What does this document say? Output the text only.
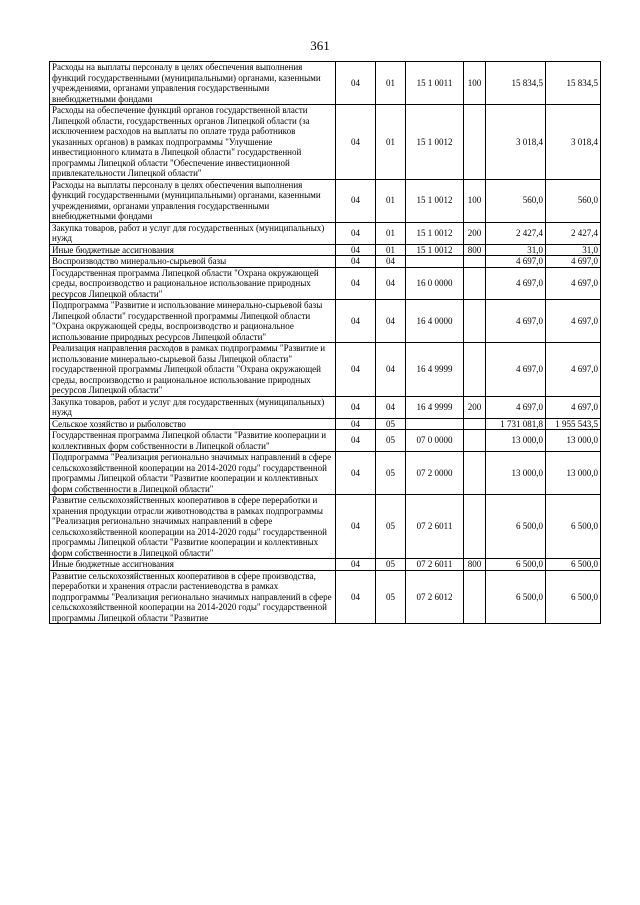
361
Расходы на выплаты персоналу в целях обеспечения выполнения функций государственными (муниципальными) органами, казенными учреждениями, органами управления государственными внебюджетными фондами	04	01	15 1 0011	100	15 834,5	15 834,5
Расходы на обеспечение функций органов государственной власти Липецкой области, государственных органов Липецкой области (за исключением расходов на выплаты по оплате труда работников указанных органов) в рамках подпрограммы "Улучшение инвестиционного климата в Липецкой области" государственной программы Липецкой области "Обеспечение инвестиционной привлекательности Липецкой области"	04	01	15 1 0012		3 018,4	3 018,4
Расходы на выплаты персоналу в целях обеспечения выполнения функций государственными (муниципальными) органами, казенными учреждениями, органами управления государственными внебюджетными фондами	04	01	15 1 0012	100	560,0	560,0
Закупка товаров, работ и услуг для государственных (муниципальных) нужд	04	01	15 1 0012	200	2 427,4	2 427,4
Иные бюджетные ассигнования	04	01	15 1 0012	800	31,0	31,0
Воспроизводство минерально-сырьевой базы	04	04			4 697,0	4 697,0
Государственная программа Липецкой области "Охрана окружающей среды, воспроизводство и рациональное использование природных ресурсов Липецкой области"	04	04	16 0 0000		4 697,0	4 697,0
Подпрограмма "Развитие и использование минерально-сырьевой базы Липецкой области" государственной программы Липецкой области "Охрана окружающей среды, воспроизводство и рациональное использование природных ресурсов Липецкой области"	04	04	16 4 0000		4 697,0	4 697,0
Реализация направления расходов в рамках подпрограммы "Развитие и использование минерально-сырьевой базы Липецкой области" государственной программы Липецкой области "Охрана окружающей среды, воспроизводство и рациональное использование природных ресурсов Липецкой области"	04	04	16 4 9999		4 697,0	4 697,0
Закупка товаров, работ и услуг для государственных (муниципальных) нужд	04	04	16 4 9999	200	4 697,0	4 697,0
Сельское хозяйство и рыболовство	04	05			1 731 081,8	1 955 543,5
Государственная программа Липецкой области "Развитие кооперации и коллективных форм собственности в Липецкой области"	04	05	07 0 0000		13 000,0	13 000,0
Подпрограмма "Реализация регионально значимых направлений в сфере сельскохозяйственной кооперации на 2014-2020 годы" государственной программы Липецкой области "Развитие кооперации и коллективных форм собственности в Липецкой области"	04	05	07 2 0000		13 000,0	13 000,0
Развитие сельскохозяйственных кооперативов в сфере переработки и хранения продукции отрасли животноводства в рамках подпрограммы "Реализация регионально значимых направлений в сфере сельскохозяйственной кооперации на 2014-2020 годы" государственной программы Липецкой области "Развитие кооперации и коллективных форм собственности в Липецкой области"	04	05	07 2 6011		6 500,0	6 500,0
Иные бюджетные ассигнования	04	05	07 2 6011	800	6 500,0	6 500,0
Развитие сельскохозяйственных кооперативов в сфере производства, переработки и хранения отрасли растениеводства в рамках подпрограммы "Реализация регионально значимых направлений в сфере сельскохозяйственной кооперации на 2014-2020 годы" государственной программы Липецкой области "Развитие	04	05	07 2 6012		6 500,0	6 500,0
